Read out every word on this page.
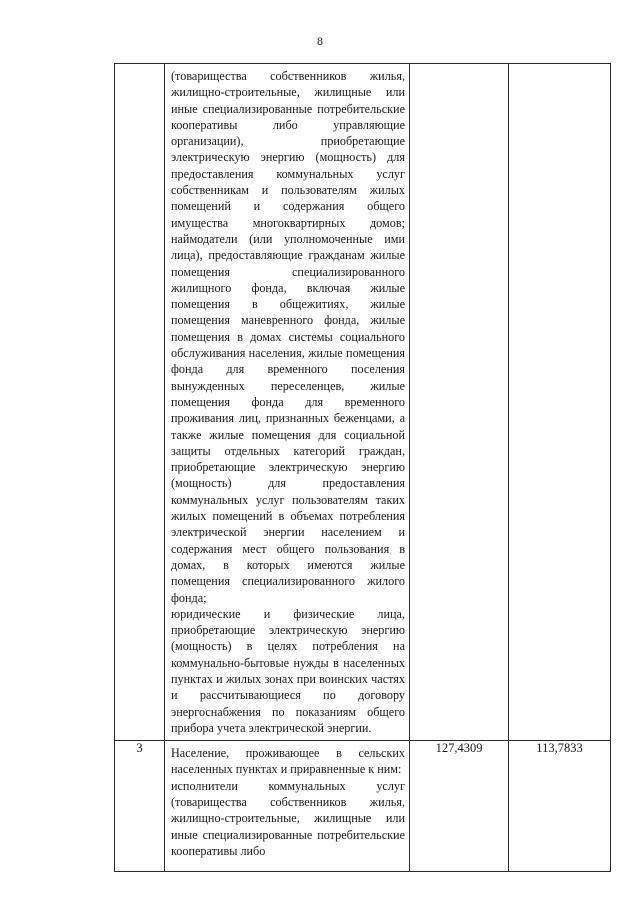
8

	(товарищества собственников жилья, жилищно-строительные, жилищные или иные специализированные потребительские кооперативы либо управляющие организации), приобретающие электрическую энергию (мощность) для предоставления коммунальных услуг собственникам и пользователям жилых помещений и содержания общего имущества многоквартирных домов; наймодатели (или уполномоченные ими лица), предоставляющие гражданам жилые помещения специализированного жилищного фонда, включая жилые помещения в общежитиях, жилые помещения маневренного фонда, жилые помещения в домах системы социального обслуживания населения, жилые помещения фонда для временного поселения вынужденных переселенцев, жилые помещения фонда для временного проживания лиц, признанных беженцами, а также жилые помещения для социальной защиты отдельных категорий граждан, приобретающие электрическую энергию (мощность) для предоставления коммунальных услуг пользователям таких жилых помещений в объемах потребления электрической энергии населением и содержания мест общего пользования в домах, в которых имеются жилые помещения специализированного жилого фонда;

юридические и физические лица, приобретающие электрическую энергию (мощность) в целях потребления на коммунально-бытовые нужды в населенных пунктах и жилых зонах при воинских частях и рассчитывающиеся по договору энергоснабжения по показаниям общего прибора учета электрической энергии.		

3	Население, проживающее в сельских населенных пунктах и приравненные к ним:

исполнители коммунальных услуг (товарищества собственников жилья, жилищно-строительные, жилищные или иные специализированные потребительские кооперативы либо	127,4309	113,7833
